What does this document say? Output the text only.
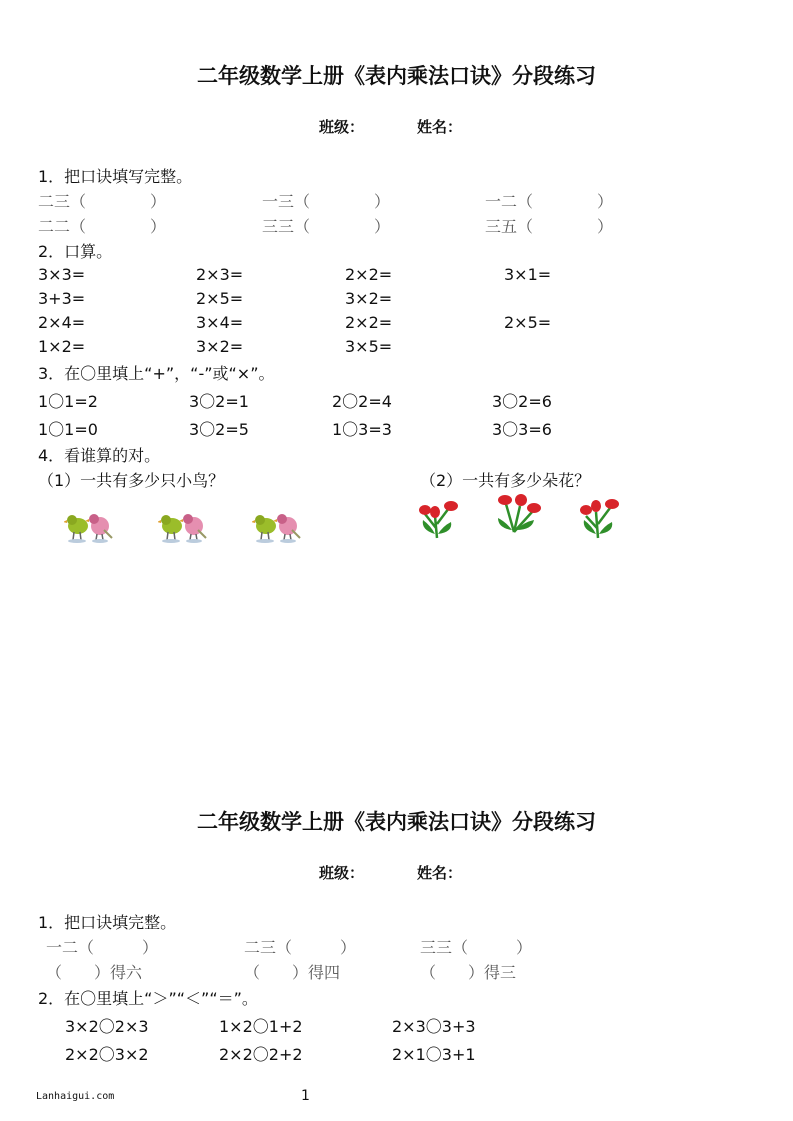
二年级数学上册《表内乘法口诀》分段练习
班级：	姓名：
1．把口诀填写完整。
二三（　　　　）	一三（　　　　）	一二（　　　　）
二二（　　　　）	三三（　　　　）	三五（　　　　）
2．口算。
3×3=	2×3=	2×2=	3×1=
3+3=	2×5=	3×2=
2×4=	3×4=	2×2=	2×5=
1×2=	3×2=	3×5=
3．在〇里填上“+”，“-”或“×”。
1〇1=2	3〇2=1	2〇2=4	3〇2=6
1〇1=0	3〇2=5	1〇3=3	3〇3=6
4．看谁算的对。
（1）一共有多少只小鸟？	（2）一共有多少朵花？
二年级数学上册《表内乘法口诀》分段练习
班级：	姓名：
1．把口诀填完整。
一二（　　　）	二三（　　　）	三三（　　　）
（　　）得六	（　　）得四	（　　）得三
2．在〇里填上“＞”“＜”“＝”。
3×2〇2×3	1×2〇1+2	2×3〇3+3
2×2〇3×2	2×2〇2+2	2×1〇3+1
Lanhaigui.com	1
